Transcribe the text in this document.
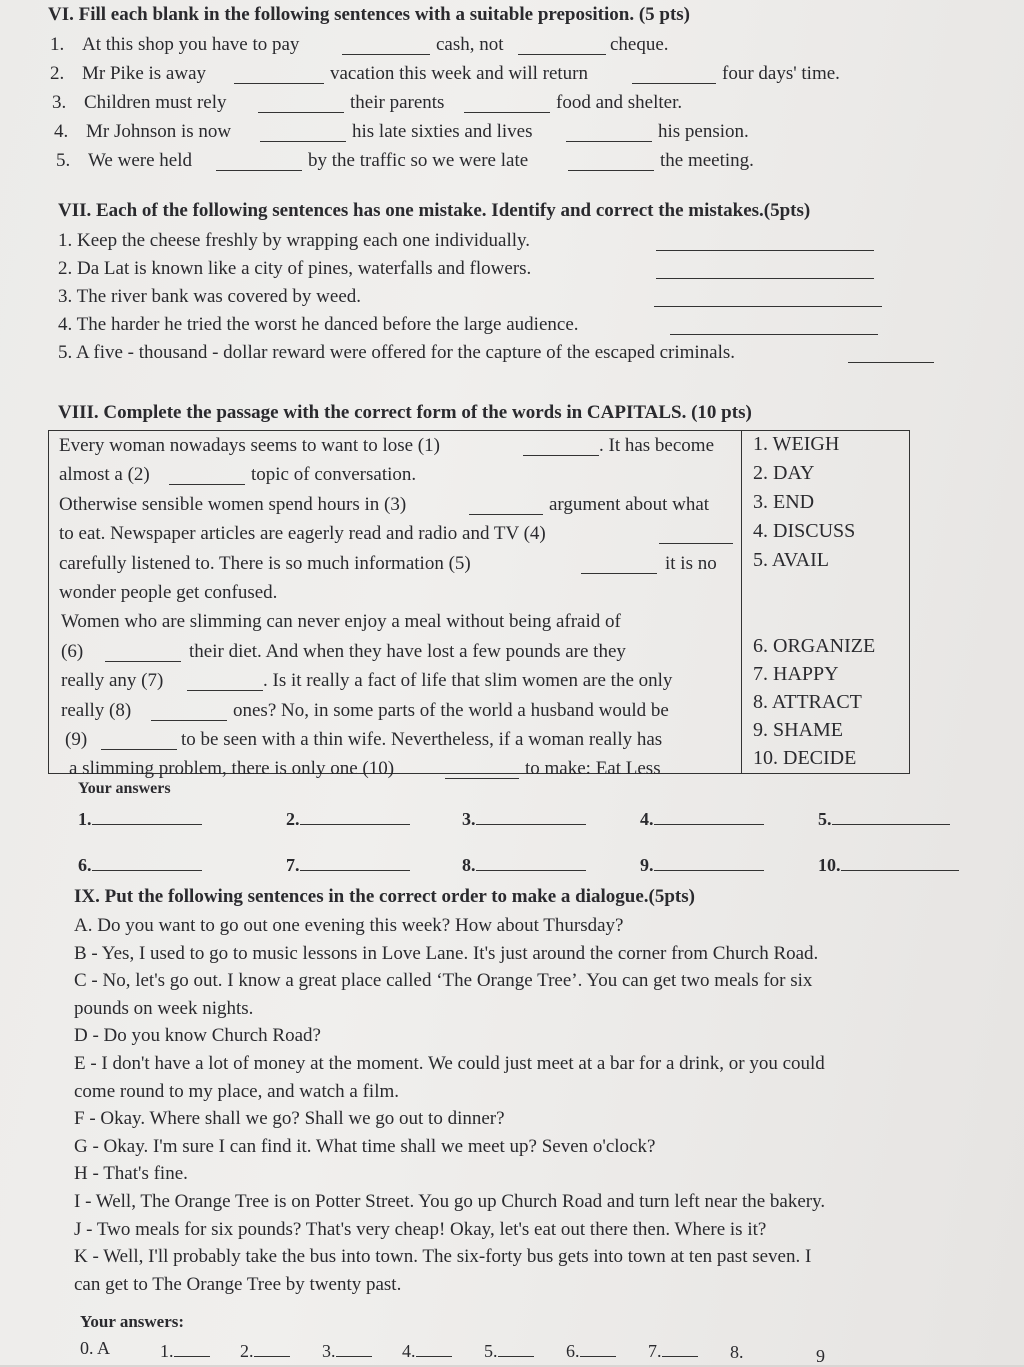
VI. Fill each blank in the following sentences with a suitable preposition. (5 pts)
1. At this shop you have to pay	cash, not	cheque.
2. Mr Pike is away	vacation this week and will return	four days' time.
3. Children must rely	their parents	food and shelter.
4. Mr Johnson is now	his late sixties and lives	his pension.
5. We were held	by the traffic so we were late	the meeting.
VII. Each of the following sentences has one mistake. Identify and correct the mistakes.(5pts)
1. Keep the cheese freshly by wrapping each one individually.
2. Da Lat is known like a city of pines, waterfalls and flowers.
3. The river bank was covered by weed.
4. The harder he tried the worst he danced before the large audience.
5. A five - thousand - dollar reward were offered for the capture of the escaped criminals.
VIII. Complete the passage with the correct form of the words in CAPITALS. (10 pts)
Every woman nowadays seems to want to lose (1)	. It has become
almost a (2)	topic of conversation.
Otherwise sensible women spend hours in (3)	argument about what
to eat. Newspaper articles are eagerly read and radio and TV (4)
carefully listened to. There is so much information (5)	it is no
wonder people get confused.
Women who are slimming can never enjoy a meal without being afraid of
(6)	their diet. And when they have lost a few pounds are they
really any (7)	. Is it really a fact of life that slim women are the only
really (8)	ones? No, in some parts of the world a husband would be
(9)	to be seen with a thin wife. Nevertheless, if a woman really has
a slimming problem, there is only one (10)	to make: Eat Less
1. WEIGH
2. DAY
3. END
4. DISCUSS
5. AVAIL
6. ORGANIZE
7. HAPPY
8. ATTRACT
9. SHAME
10. DECIDE
Your answers
1.	2.	3.	4.	5.
6.	7.	8.	9.	10.
IX. Put the following sentences in the correct order to make a dialogue.(5pts)
A. Do you want to go out one evening this week? How about Thursday?
B - Yes, I used to go to music lessons in Love Lane. It's just around the corner from Church Road.
C - No, let's go out. I know a great place called ‘The Orange Tree’. You can get two meals for six
pounds on week nights.
D - Do you know Church Road?
E - I don't have a lot of money at the moment. We could just meet at a bar for a drink, or you could
come round to my place, and watch a film.
F - Okay. Where shall we go? Shall we go out to dinner?
G - Okay. I'm sure I can find it. What time shall we meet up? Seven o'clock?
H - That's fine.
I - Well, The Orange Tree is on Potter Street. You go up Church Road and turn left near the bakery.
J - Two meals for six pounds? That's very cheap! Okay, let's eat out there then. Where is it?
K - Well, I'll probably take the bus into town. The six-forty bus gets into town at ten past seven. I
can get to The Orange Tree by twenty past.
Your answers:
0. A	1.	2.	3.	4.	5.	6.	7.	8.	9
